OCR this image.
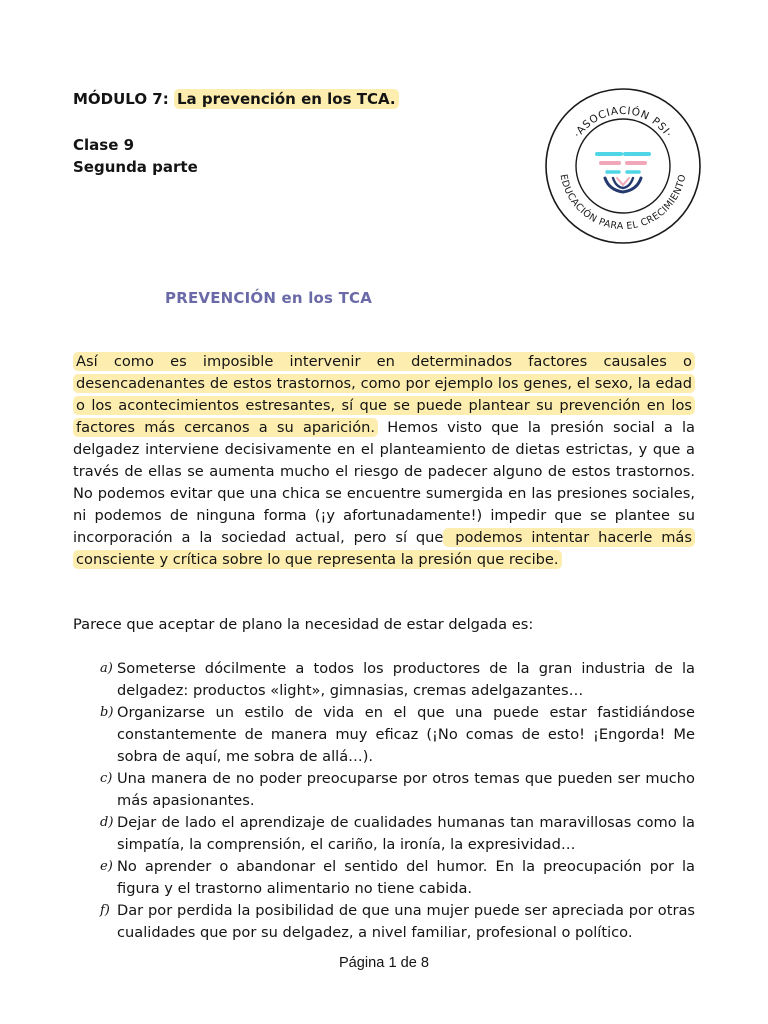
MÓDULO 7: La prevención en los TCA.
Clase 9
Segunda parte
·ASOCIACIÓN PSI·
EDUCACIÓN PARA EL CRECIMIENTO
PREVENCIÓN en los TCA

Así como es imposible intervenir en determinados factores causales o desencadenantes de estos trastornos, como por ejemplo los genes, el sexo, la edad o los acontecimientos estresantes, sí que se puede plantear su prevención en los factores más cercanos a su aparición. Hemos visto que la presión social a la delgadez interviene decisivamente en el planteamiento de dietas estrictas, y que a través de ellas se aumenta mucho el riesgo de padecer alguno de estos trastornos. No podemos evitar que una chica se encuentre sumergida en las presiones sociales, ni podemos de ninguna forma (¡y afortunadamente!) impedir que se plantee su incorporación a la sociedad actual, pero sí que podemos intentar hacerle más consciente y crítica sobre lo que representa la presión que recibe.

Parece que aceptar de plano la necesidad de estar delgada es:

a) Someterse dócilmente a todos los productores de la gran industria de la delgadez: productos «light», gimnasias, cremas adelgazantes…
b) Organizarse un estilo de vida en el que una puede estar fastidiándose constantemente de manera muy eficaz (¡No comas de esto! ¡Engorda! Me sobra de aquí, me sobra de allá…).
c) Una manera de no poder preocuparse por otros temas que pueden ser mucho más apasionantes.
d) Dejar de lado el aprendizaje de cualidades humanas tan maravillosas como la simpatía, la comprensión, el cariño, la ironía, la expresividad…
e) No aprender o abandonar el sentido del humor. En la preocupación por la figura y el trastorno alimentario no tiene cabida.
f) Dar por perdida la posibilidad de que una mujer puede ser apreciada por otras cualidades que por su delgadez, a nivel familiar, profesional o político.
Página 1 de 8
